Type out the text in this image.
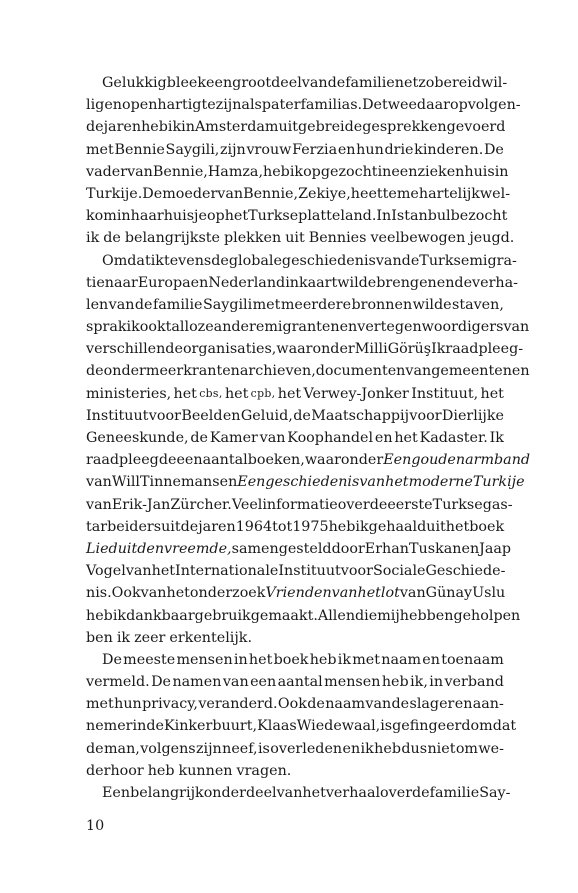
Gelukkig bleek een groot deel van de familie net zo bereidwil-
lig en openhartig te zijn als pater familias. De twee daaropvolgen-
de jaren heb ik in Amsterdam uitgebreide gesprekken gevoerd
met Bennie Saygili, zijn vrouw Ferzia en hun drie kinderen. De
vader van Bennie, Hamza, heb ik opgezocht in een ziekenhuis in
Turkije. De moeder van Bennie, Zekiye, heette me hartelijk wel-
kom in haar huisje op het Turkse platteland. In Istanbul bezocht
ik de belangrijkste plekken uit Bennies veelbewogen jeugd.
Omdat ik tevens de globale geschiedenis van de Turkse migra-
tie naar Europa en Nederland in kaart wilde brengen en de verha-
len van de familie Saygili met meerdere bronnen wilde staven,
sprak ik ook talloze andere migranten en vertegenwoordigers van
verschillende organisaties, waaronder Milli Görüş Ik raadpleeg-
de onder meer krantenarchieven, documenten van gemeenten en
ministeries, het cbs, het cpb, het Verwey-Jonker Instituut, het
Instituut voor Beeld en Geluid, de Maatschappij voor Dierlijke
Geneeskunde, de Kamer van Koophandel en het Kadaster. Ik
raadpleegde een aantal boeken, waaronder Een gouden armband
van Will Tinnemans en Een geschiedenis van het moderne Turkije
van Erik-Jan Zürcher. Veel informatie over de eerste Turkse gas-
tarbeiders uit de jaren 1964 tot 1975 heb ik gehaald uit het boek
Lied uit den vreemde, samengesteld door Erhan Tuskan en Jaap
Vogel van het Internationale Instituut voor Sociale Geschiede-
nis. Ook van het onderzoek Vrienden van het lot van Günay Uslu
heb ik dankbaar gebruikgemaakt. Allen die mij hebben geholpen
ben ik zeer erkentelijk.
De meeste mensen in het boek heb ik met naam en toenaam
vermeld. De namen van een aantal mensen heb ik, in verband
met hun privacy, veranderd. Ook de naam van de slager en aan-
nemer in de Kinkerbuurt, Klaas Wiedewaal, is gefingeerd omdat
de man, volgens zijn neef, is overleden en ik heb dus niet om we-
derhoor heb kunnen vragen.
Een belangrijk onderdeel van het verhaal over de familie Say-
10
